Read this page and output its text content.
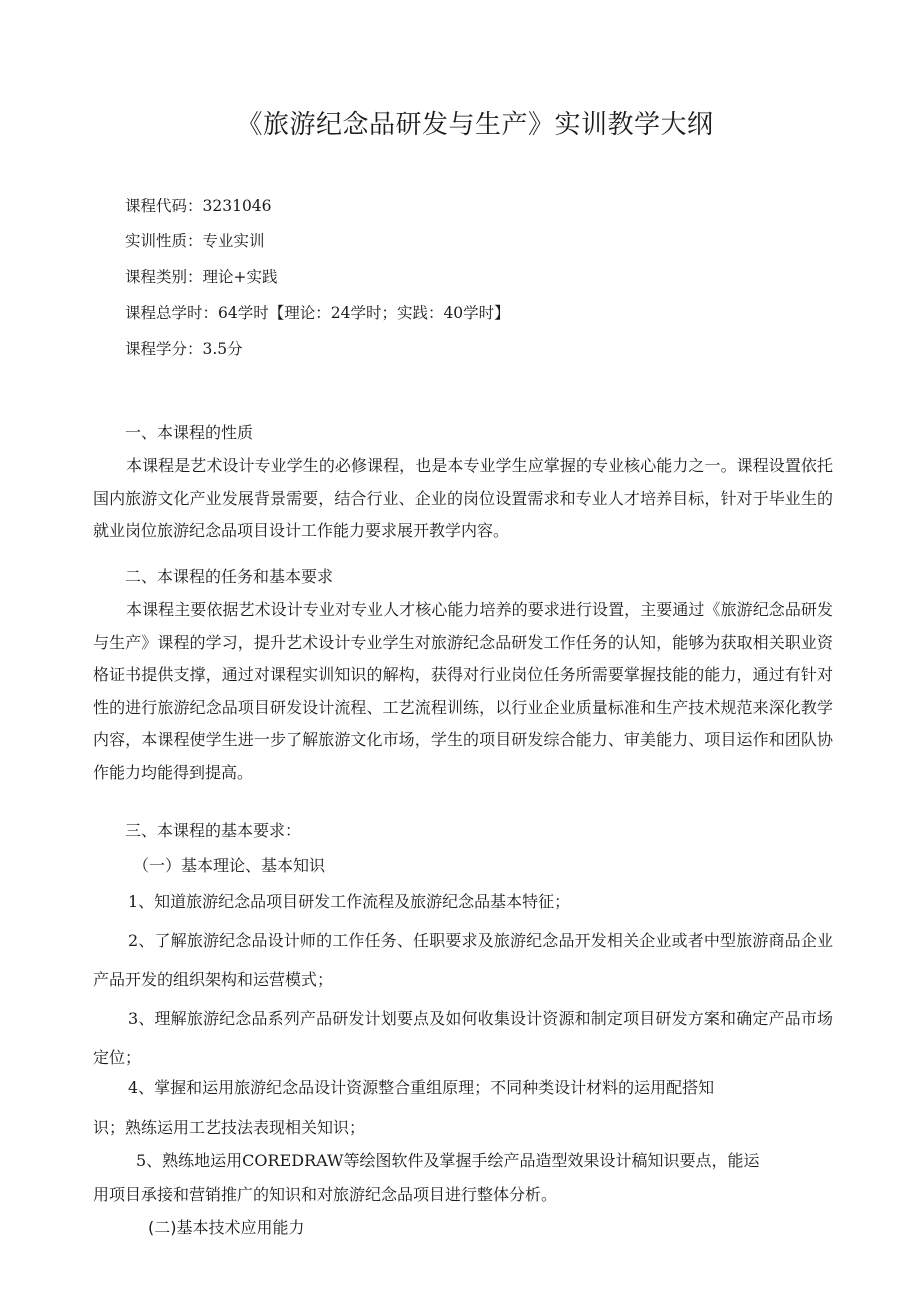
《旅游纪念品研发与生产》实训教学大纲
课程代码：3231046
实训性质：专业实训
课程类别：理论+实践
课程总学时：64学时【理论：24学时；实践：40学时】
课程学分：3.5分
一、本课程的性质
本课程是艺术设计专业学生的必修课程，也是本专业学生应掌握的专业核心能力之一。课程设置依托国内旅游文化产业发展背景需要，结合行业、企业的岗位设置需求和专业人才培养目标，针对于毕业生的就业岗位旅游纪念品项目设计工作能力要求展开教学内容。
二、本课程的任务和基本要求
本课程主要依据艺术设计专业对专业人才核心能力培养的要求进行设置，主要通过《旅游纪念品研发与生产》课程的学习，提升艺术设计专业学生对旅游纪念品研发工作任务的认知，能够为获取相关职业资格证书提供支撑，通过对课程实训知识的解构，获得对行业岗位任务所需要掌握技能的能力，通过有针对性的进行旅游纪念品项目研发设计流程、工艺流程训练，以行业企业质量标准和生产技术规范来深化教学内容，本课程使学生进一步了解旅游文化市场，学生的项目研发综合能力、审美能力、项目运作和团队协作能力均能得到提高。
三、本课程的基本要求：
（一）基本理论、基本知识
1、知道旅游纪念品项目研发工作流程及旅游纪念品基本特征；
2、了解旅游纪念品设计师的工作任务、任职要求及旅游纪念品开发相关企业或者中型旅游商品企业产品开发的组织架构和运营模式；
3、理解旅游纪念品系列产品研发计划要点及如何收集设计资源和制定项目研发方案和确定产品市场定位；
4、掌握和运用旅游纪念品设计资源整合重组原理；不同种类设计材料的运用配搭知
识；熟练运用工艺技法表现相关知识；
5、熟练地运用COREDRAW等绘图软件及掌握手绘产品造型效果设计稿知识要点，能运
用项目承接和营销推广的知识和对旅游纪念品项目进行整体分析。
(二)基本技术应用能力
